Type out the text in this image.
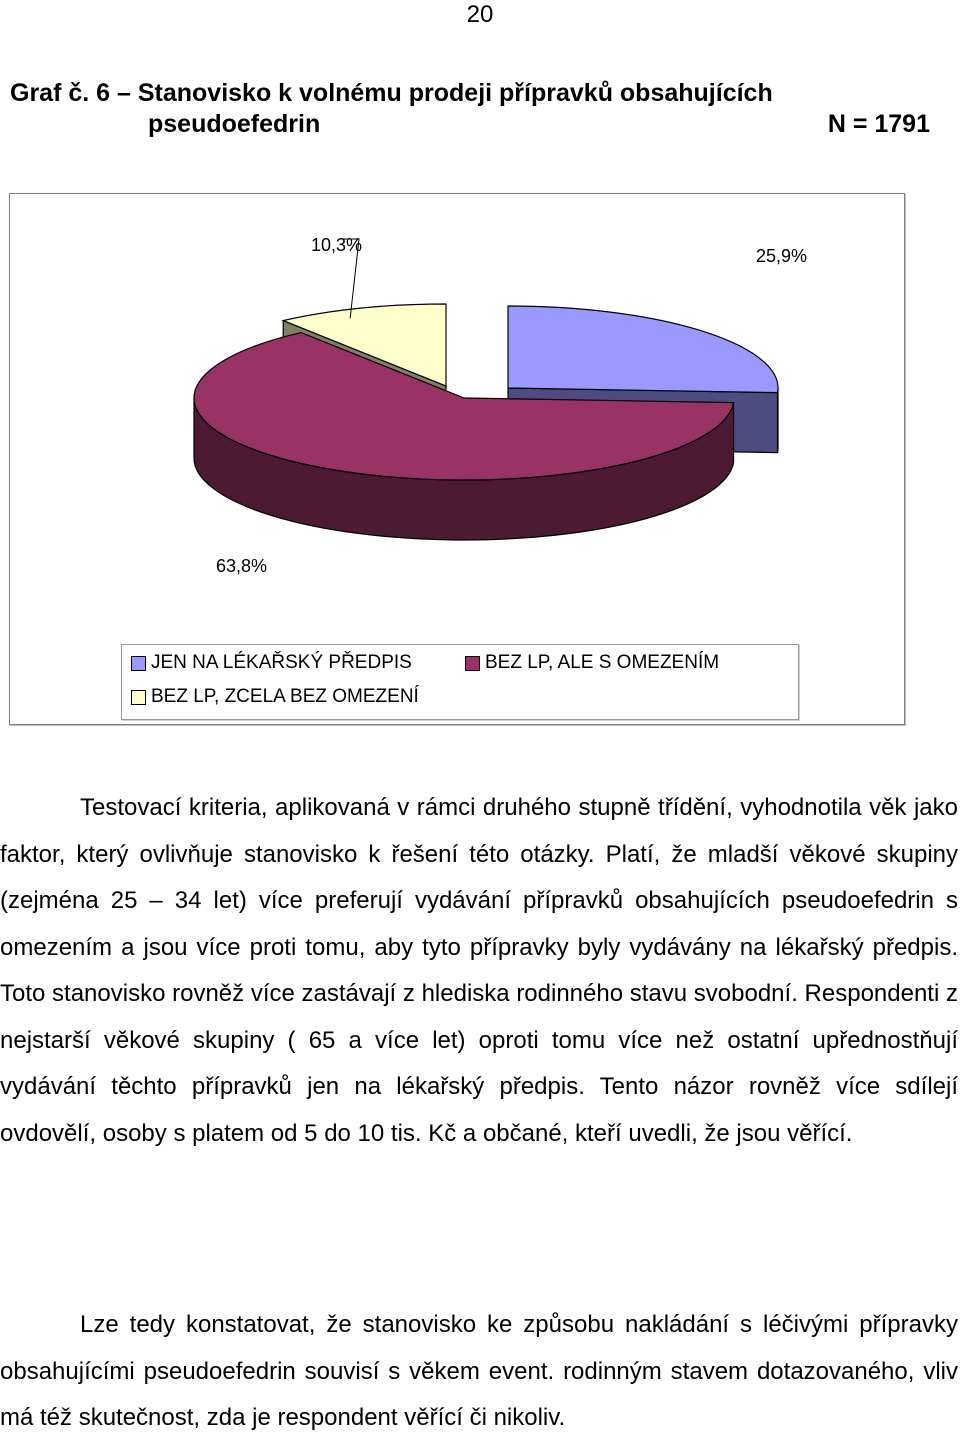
20
Graf č. 6 – Stanovisko k volnému prodeji přípravků obsahujících
pseudoefedrin	N = 1791
25,9%
63,8%
10,3%
JEN NA LÉKAŘSKÝ PŘEDPIS	BEZ LP, ALE S OMEZENÍM
BEZ LP, ZCELA BEZ OMEZENÍ
Testovací kriteria, aplikovaná v rámci druhého stupně třídění, vyhodnotila věk jako faktor, který ovlivňuje stanovisko k řešení této otázky. Platí, že mladší věkové skupiny (zejména 25 – 34 let) více preferují vydávání přípravků obsahujících pseudoefedrin s omezením a jsou více proti tomu, aby tyto přípravky byly vydávány na lékařský předpis. Toto stanovisko rovněž více zastávají z hlediska rodinného stavu svobodní. Respondenti z nejstarší věkové skupiny ( 65 a více let) oproti tomu více než ostatní upřednostňují vydávání těchto přípravků jen na lékařský předpis. Tento názor rovněž více sdílejí ovdovělí, osoby s platem od 5 do 10 tis. Kč a občané, kteří uvedli, že jsou věřící.
Lze tedy konstatovat, že stanovisko ke způsobu nakládání s léčivými přípravky obsahujícími pseudoefedrin souvisí s věkem event. rodinným stavem dotazovaného, vliv má též skutečnost, zda je respondent věřící či nikoliv.
